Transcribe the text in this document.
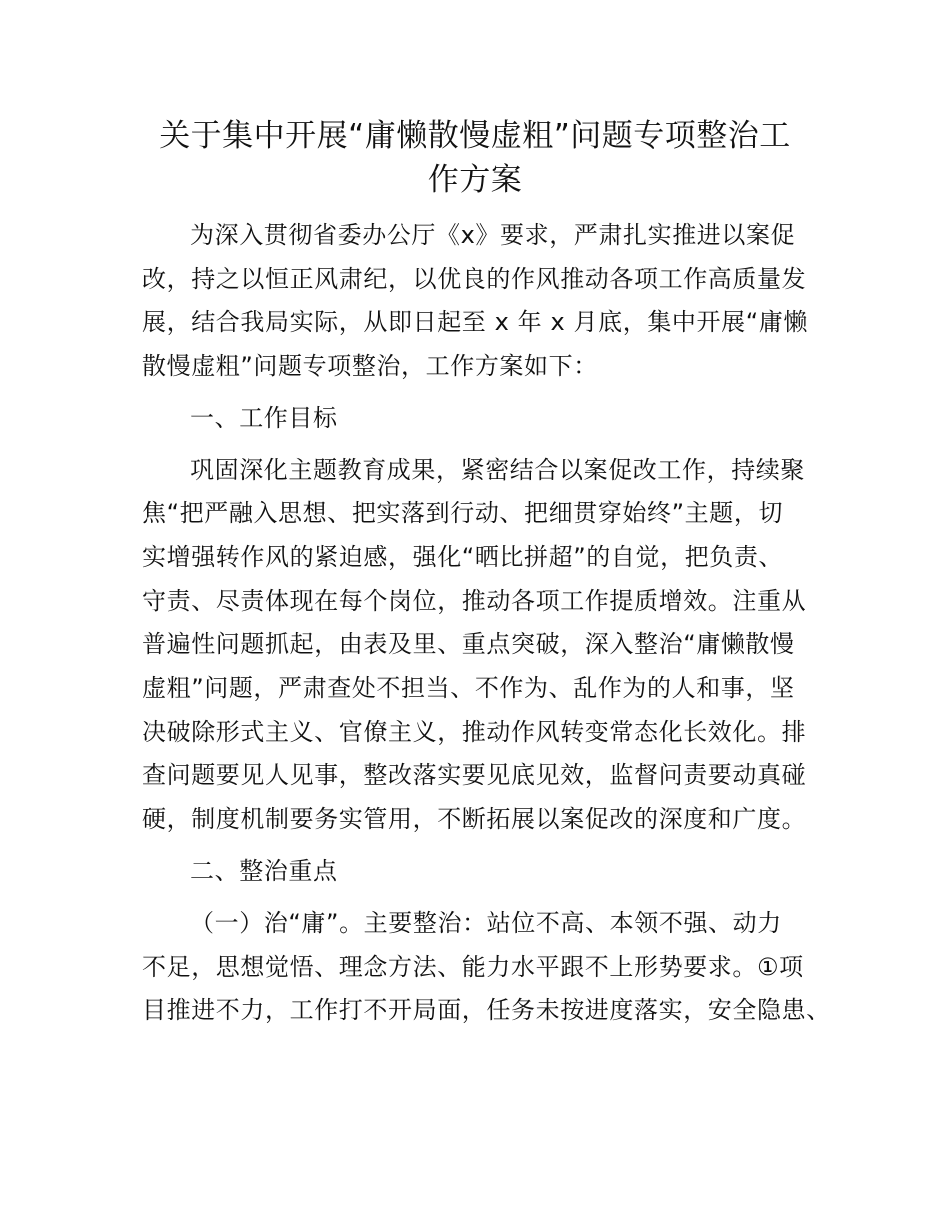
关于集中开展“庸懒散慢虚粗”问题专项整治工
作方案
为深入贯彻省委办公厅《x》要求，严肃扎实推进以案促
改，持之以恒正风肃纪，以优良的作风推动各项工作高质量发
展，结合我局实际，从即日起至 x 年 x 月底，集中开展“庸懒
散慢虚粗”问题专项整治，工作方案如下：
一、工作目标
巩固深化主题教育成果，紧密结合以案促改工作，持续聚
焦“把严融入思想、把实落到行动、把细贯穿始终”主题，切
实增强转作风的紧迫感，强化“晒比拼超”的自觉，把负责、
守责、尽责体现在每个岗位，推动各项工作提质增效。注重从
普遍性问题抓起，由表及里、重点突破，深入整治“庸懒散慢
虚粗”问题，严肃查处不担当、不作为、乱作为的人和事，坚
决破除形式主义、官僚主义，推动作风转变常态化长效化。排
查问题要见人见事，整改落实要见底见效，监督问责要动真碰
硬，制度机制要务实管用，不断拓展以案促改的深度和广度。
二、整治重点
（一）治“庸”。主要整治：站位不高、本领不强、动力
不足，思想觉悟、理念方法、能力水平跟不上形势要求。①项
目推进不力，工作打不开局面，任务未按进度落实，安全隐患、
